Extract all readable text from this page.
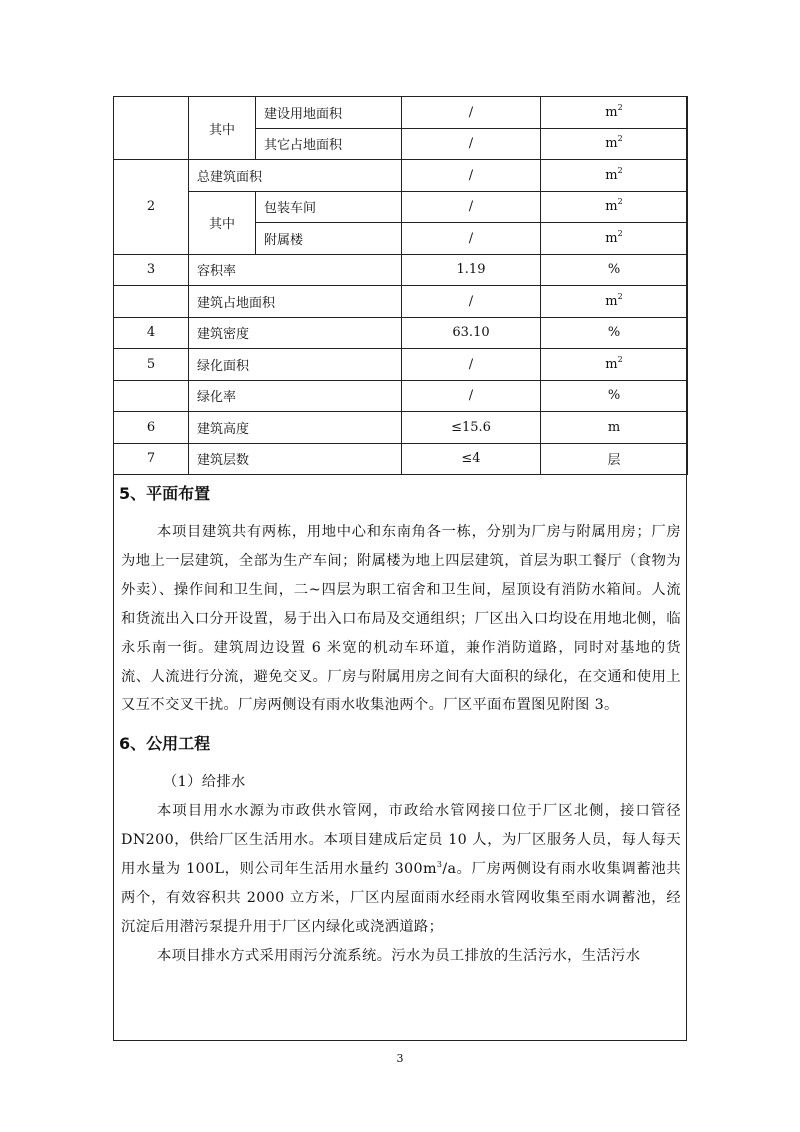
	其中	建设用地面积	/	$m^2$
		其它占地面积	/	$m^2$
2	总建筑面积		/	$m^2$
	其中	包装车间	/	$m^2$
		附属楼	/	$m^2$
3	容积率		1.19	%
	建筑占地面积		/	$m^2$
4	建筑密度		63.10	%
5	绿化面积		/	$m^2$
	绿化率		/	%
6	建筑高度		≤15.6	m
7	建筑层数		≤4	层
5、平面布置

本项目建筑共有两栋，用地中心和东南角各一栋，分别为厂房与附属用房；厂房为地上一层建筑，全部为生产车间；附属楼为地上四层建筑，首层为职工餐厅（食物为外卖）、操作间和卫生间，二~四层为职工宿舍和卫生间，屋顶设有消防水箱间。人流和货流出入口分开设置，易于出入口布局及交通组织；厂区出入口均设在用地北侧，临永乐南一街。建筑周边设置 6 米宽的机动车环道，兼作消防道路，同时对基地的货流、人流进行分流，避免交叉。厂房与附属用房之间有大面积的绿化，在交通和使用上又互不交叉干扰。厂房两侧设有雨水收集池两个。厂区平面布置图见附图 3。

6、公用工程

（1）给排水

本项目用水水源为市政供水管网，市政给水管网接口位于厂区北侧，接口管径 DN200，供给厂区生活用水。本项目建成后定员 10 人，为厂区服务人员，每人每天用水量为 100L，则公司年生活用水量约 $300m^3/a$。厂房两侧设有雨水收集调蓄池共两个，有效容积共 2000 立方米，厂区内屋面雨水经雨水管网收集至雨水调蓄池，经沉淀后用潜污泵提升用于厂区内绿化或浇洒道路；

本项目排水方式采用雨污分流系统。污水为员工排放的生活污水，生活污水

3
